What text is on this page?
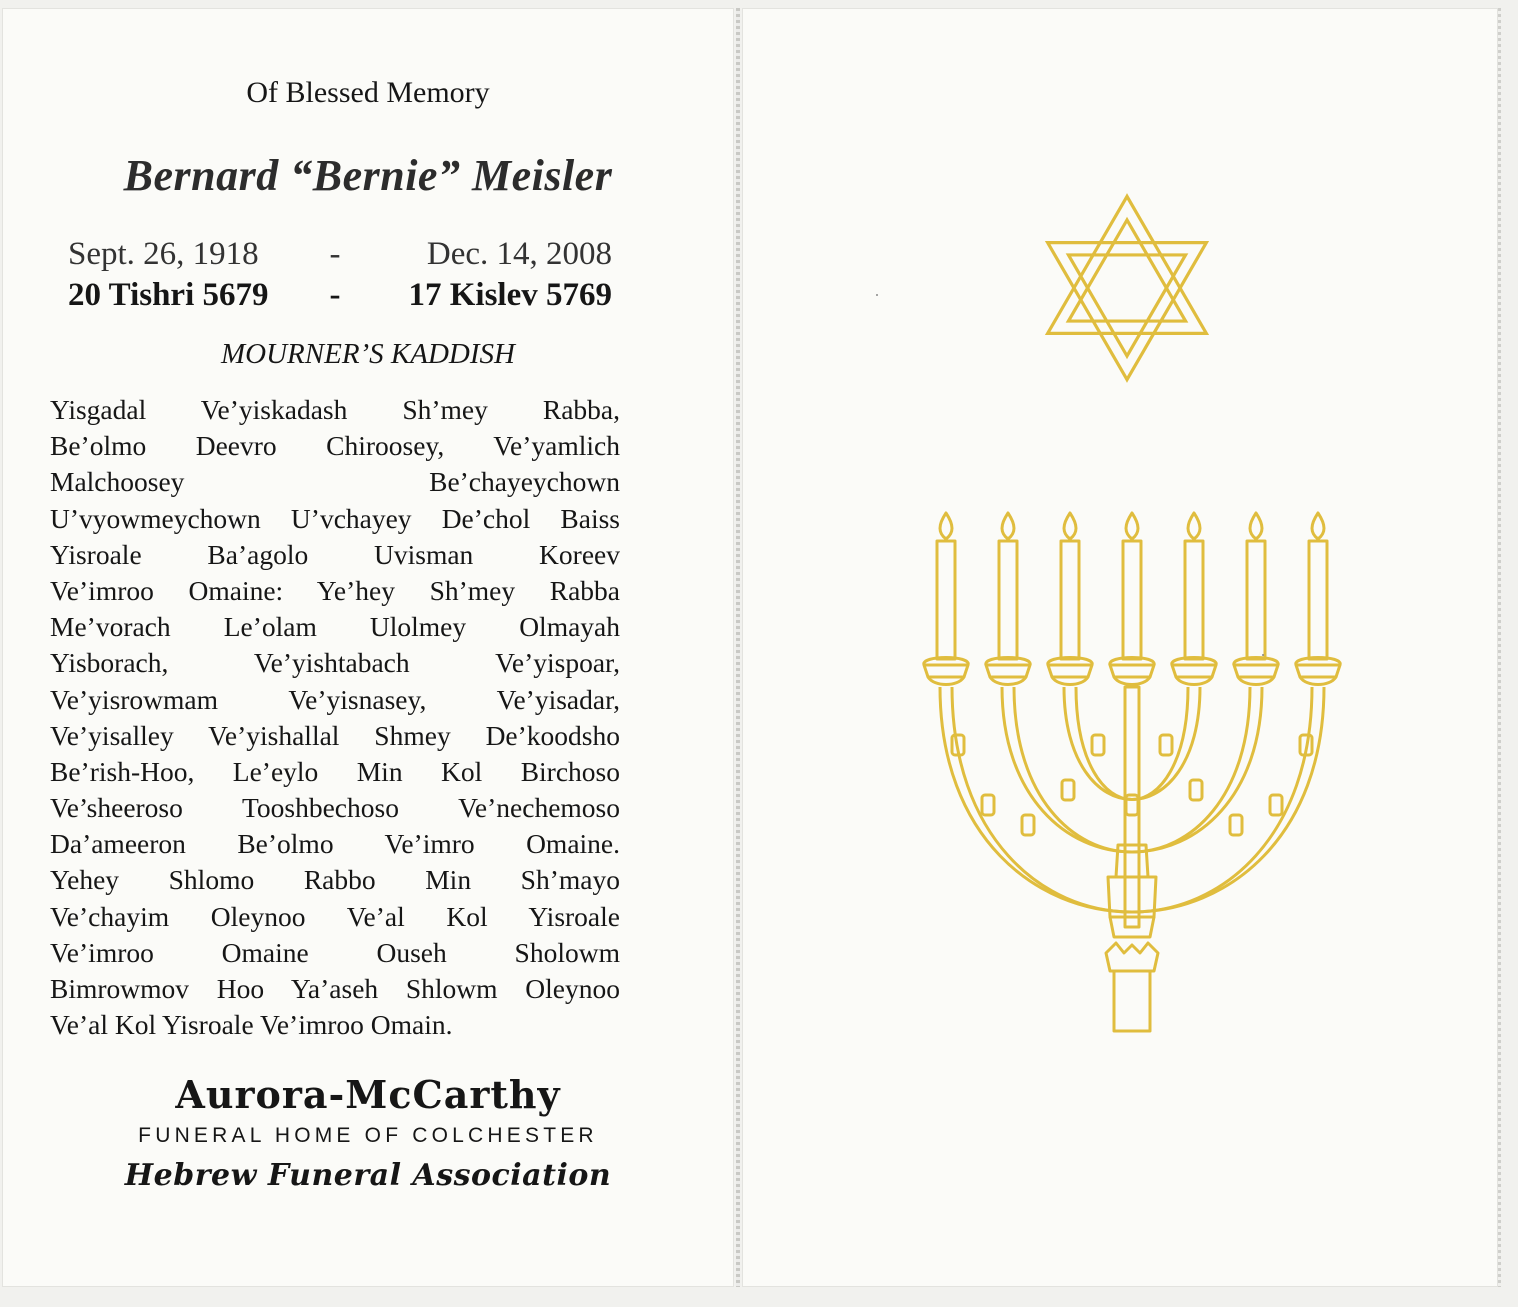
Of Blessed Memory
Bernard “Bernie” Meisler
Sept. 26, 1918	-	Dec. 14, 2008
20 Tishri 5679	-	17 Kislev 5769
MOURNER’S KADDISH
Yisgadal Ve’yiskadash Sh’mey Rabba,
Be’olmo Deevro Chiroosey, Ve’yamlich
Malchoosey Be’chayeychown
U’vyowmeychown U’vchayey De’chol Baiss
Yisroale Ba’agolo Uvisman Koreev
Ve’imroo Omaine: Ye’hey Sh’mey Rabba
Me’vorach Le’olam Ulolmey Olmayah
Yisborach, Ve’yishtabach Ve’yispoar,
Ve’yisrowmam Ve’yisnasey, Ve’yisadar,
Ve’yisalley Ve’yishallal Shmey De’koodsho
Be’rish-Hoo, Le’eylo Min Kol Birchoso
Ve’sheeroso Tooshbechoso Ve’nechemoso
Da’ameeron Be’olmo Ve’imro Omaine.
Yehey Shlomo Rabbo Min Sh’mayo
Ve’chayim Oleynoo Ve’al Kol Yisroale
Ve’imroo Omaine Ouseh Sholowm
Bimrowmov Hoo Ya’aseh Shlowm Oleynoo
Ve’al Kol Yisroale Ve’imroo Omain.
Aurora-McCarthy
FUNERAL HOME OF COLCHESTER
Hebrew Funeral Association
